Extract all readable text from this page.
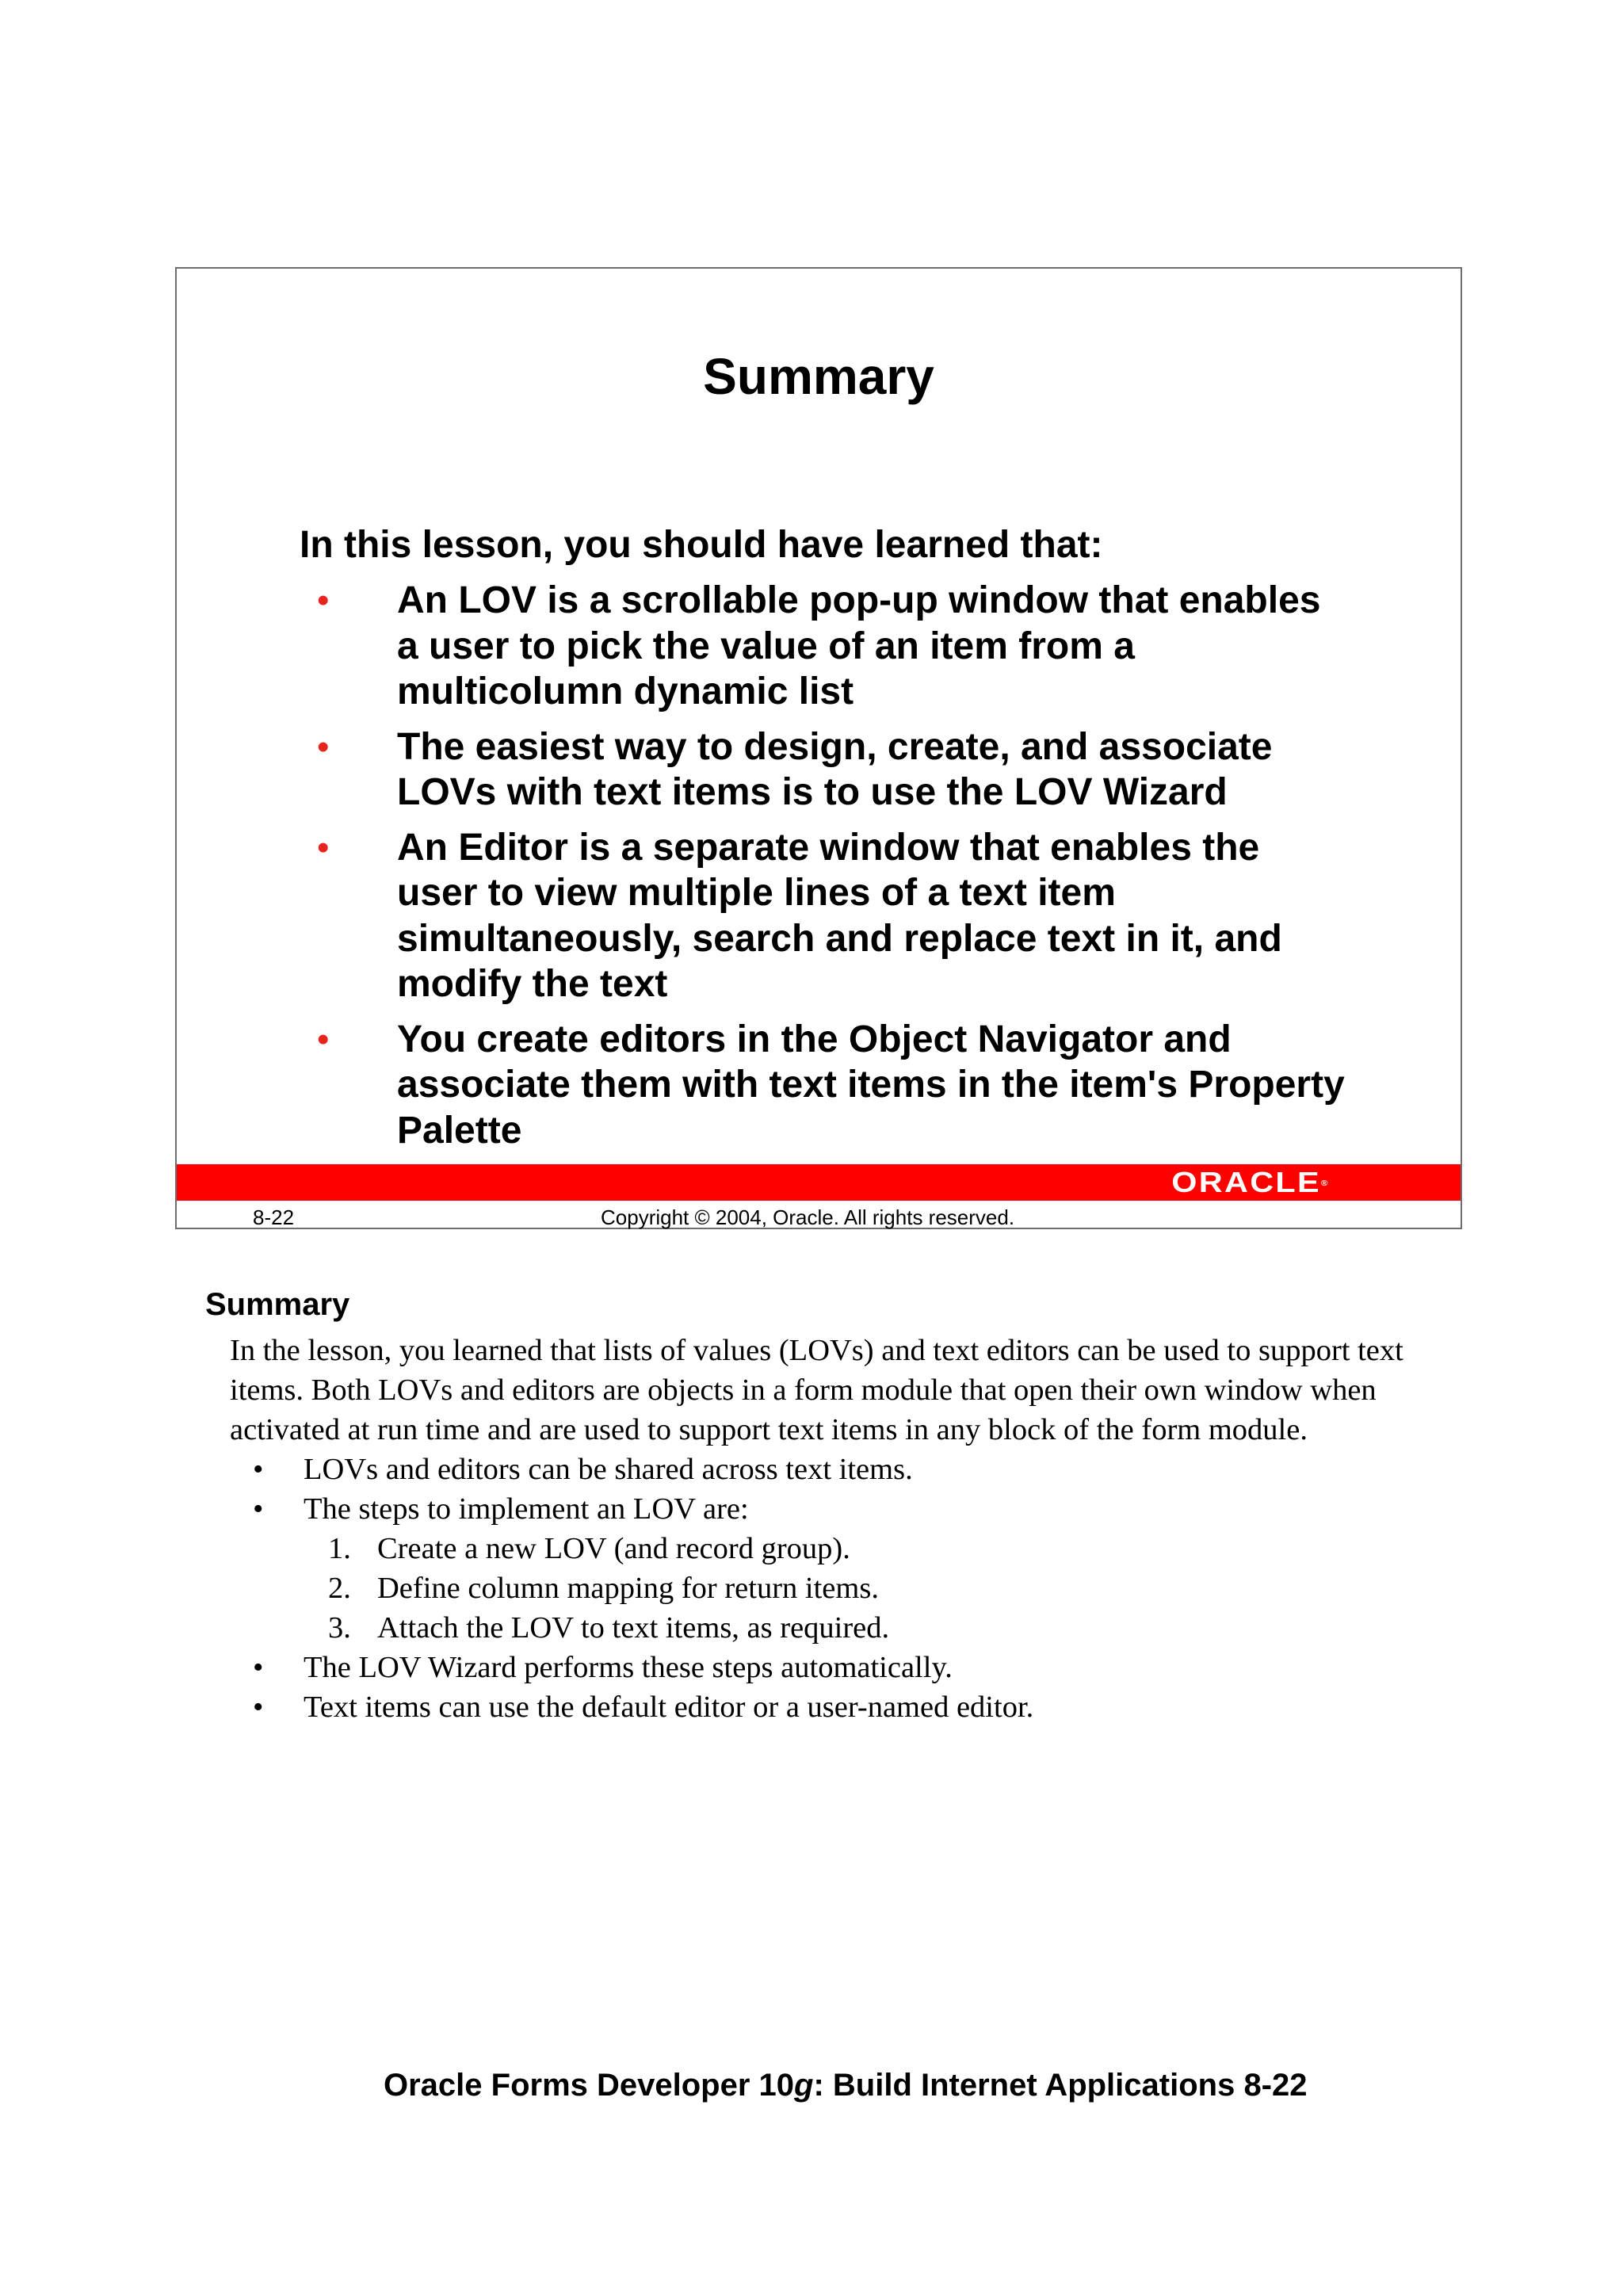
Summary
In this lesson, you should have learned that:
• An LOV is a scrollable pop-up window that enables a user to pick the value of an item from a multicolumn dynamic list
• The easiest way to design, create, and associate LOVs with text items is to use the LOV Wizard
• An Editor is a separate window that enables the user to view multiple lines of a text item simultaneously, search and replace text in it, and modify the text
• You create editors in the Object Navigator and associate them with text items in the item's Property Palette
ORACLE®
8-22	Copyright © 2004, Oracle. All rights reserved.
Summary

In the lesson, you learned that lists of values (LOVs) and text editors can be used to support text items. Both LOVs and editors are objects in a form module that open their own window when activated at run time and are used to support text items in any block of the form module.

• LOVs and editors can be shared across text items.
• The steps to implement an LOV are:
1. Create a new LOV (and record group).
2. Define column mapping for return items.
3. Attach the LOV to text items, as required.
• The LOV Wizard performs these steps automatically.
• Text items can use the default editor or a user-named editor.
Oracle Forms Developer 10g: Build Internet Applications 8-22
